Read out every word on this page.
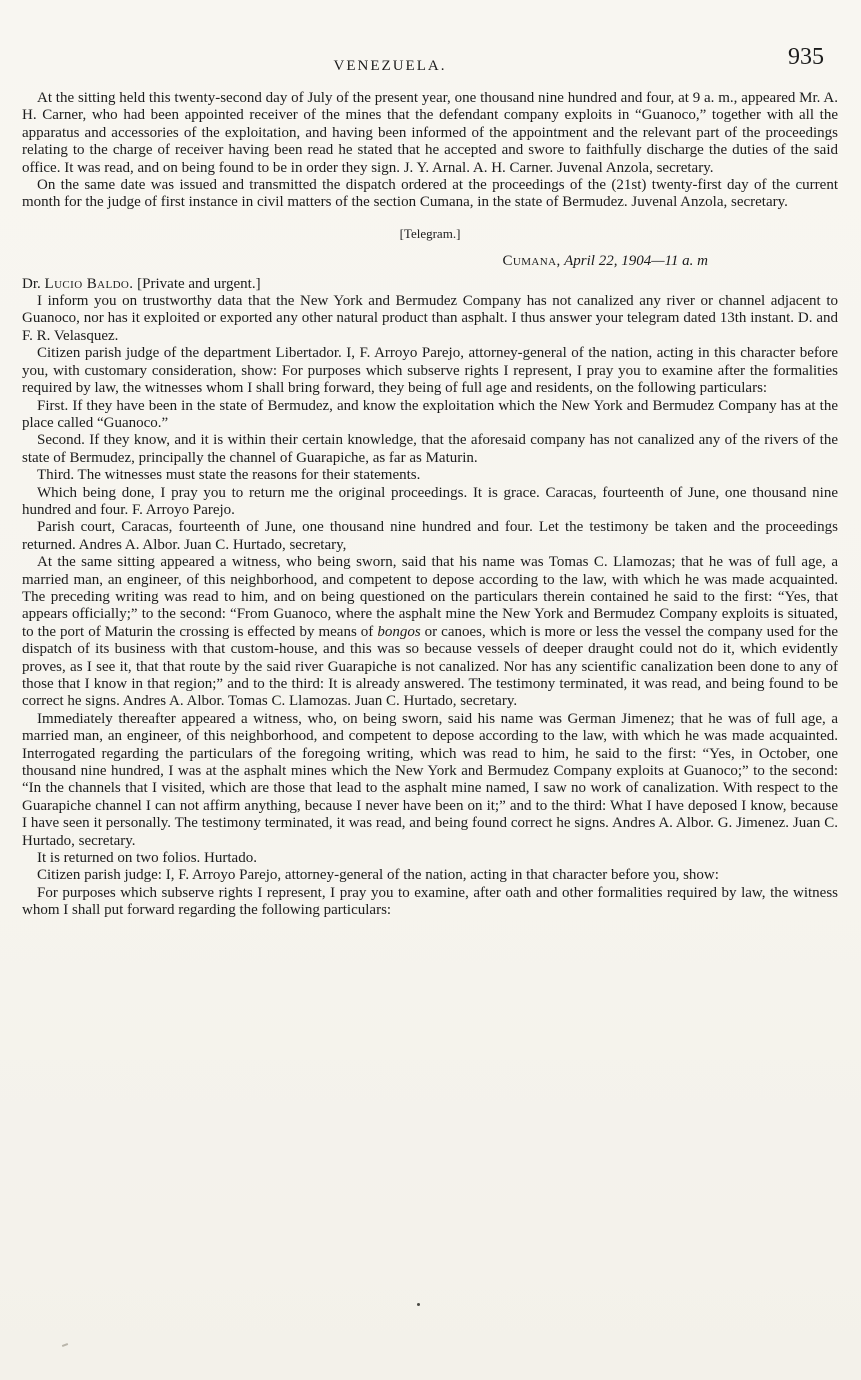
VENEZUELA.	935

At the sitting held this twenty-second day of July of the present year, one thousand nine hundred and four, at 9 a. m., appeared Mr. A. H. Carner, who had been appointed receiver of the mines that the defendant company exploits in “Guanoco,” together with all the apparatus and accessories of the exploitation, and having been informed of the appointment and the relevant part of the proceedings relating to the charge of receiver having been read he stated that he accepted and swore to faithfully discharge the duties of the said office. It was read, and on being found to be in order they sign. J. Y. Arnal. A. H. Carner. Juvenal Anzola, secretary.

On the same date was issued and transmitted the dispatch ordered at the proceedings of the (21st) twenty-first day of the current month for the judge of first instance in civil matters of the section Cumana, in the state of Bermudez. Juvenal Anzola, secretary.

[Telegram.]

Cumana, April 22, 1904—11 a. m

Dr. Lucio Baldo. [Private and urgent.]

I inform you on trustworthy data that the New York and Bermudez Company has not canalized any river or channel adjacent to Guanoco, nor has it exploited or exported any other natural product than asphalt. I thus answer your telegram dated 13th instant. D. and F. R. Velasquez.

Citizen parish judge of the department Libertador. I, F. Arroyo Parejo, attorney-general of the nation, acting in this character before you, with customary consideration, show: For purposes which subserve rights I represent, I pray you to examine after the formalities required by law, the witnesses whom I shall bring forward, they being of full age and residents, on the following particulars:

First. If they have been in the state of Bermudez, and know the exploitation which the New York and Bermudez Company has at the place called “Guanoco.”

Second. If they know, and it is within their certain knowledge, that the aforesaid company has not canalized any of the rivers of the state of Bermudez, principally the channel of Guarapiche, as far as Maturin.

Third. The witnesses must state the reasons for their statements.

Which being done, I pray you to return me the original proceedings. It is grace. Caracas, fourteenth of June, one thousand nine hundred and four. F. Arroyo Parejo.

Parish court, Caracas, fourteenth of June, one thousand nine hundred and four. Let the testimony be taken and the proceedings returned. Andres A. Albor. Juan C. Hurtado, secretary,

At the same sitting appeared a witness, who being sworn, said that his name was Tomas C. Llamozas; that he was of full age, a married man, an engineer, of this neighborhood, and competent to depose according to the law, with which he was made acquainted. The preceding writing was read to him, and on being questioned on the particulars therein contained he said to the first: “Yes, that appears officially;” to the second: “From Guanoco, where the asphalt mine the New York and Bermudez Company exploits is situated, to the port of Maturin the crossing is effected by means of bongos or canoes, which is more or less the vessel the company used for the dispatch of its business with that custom-house, and this was so because vessels of deeper draught could not do it, which evidently proves, as I see it, that that route by the said river Guarapiche is not canalized. Nor has any scientific canalization been done to any of those that I know in that region;” and to the third: It is already answered. The testimony terminated, it was read, and being found to be correct he signs. Andres A. Albor. Tomas C. Llamozas. Juan C. Hurtado, secretary.

Immediately thereafter appeared a witness, who, on being sworn, said his name was German Jimenez; that he was of full age, a married man, an engineer, of this neighborhood, and competent to depose according to the law, with which he was made acquainted. Interrogated regarding the particulars of the foregoing writing, which was read to him, he said to the first: “Yes, in October, one thousand nine hundred, I was at the asphalt mines which the New York and Bermudez Company exploits at Guanoco;” to the second: “In the channels that I visited, which are those that lead to the asphalt mine named, I saw no work of canalization. With respect to the Guarapiche channel I can not affirm anything, because I never have been on it;” and to the third: What I have deposed I know, because I have seen it personally. The testimony terminated, it was read, and being found correct he signs. Andres A. Albor. G. Jimenez. Juan C. Hurtado, secretary.

It is returned on two folios. Hurtado.

Citizen parish judge: I, F. Arroyo Parejo, attorney-general of the nation, acting in that character before you, show:

For purposes which subserve rights I represent, I pray you to examine, after oath and other formalities required by law, the witness whom I shall put forward regarding the following particulars:
